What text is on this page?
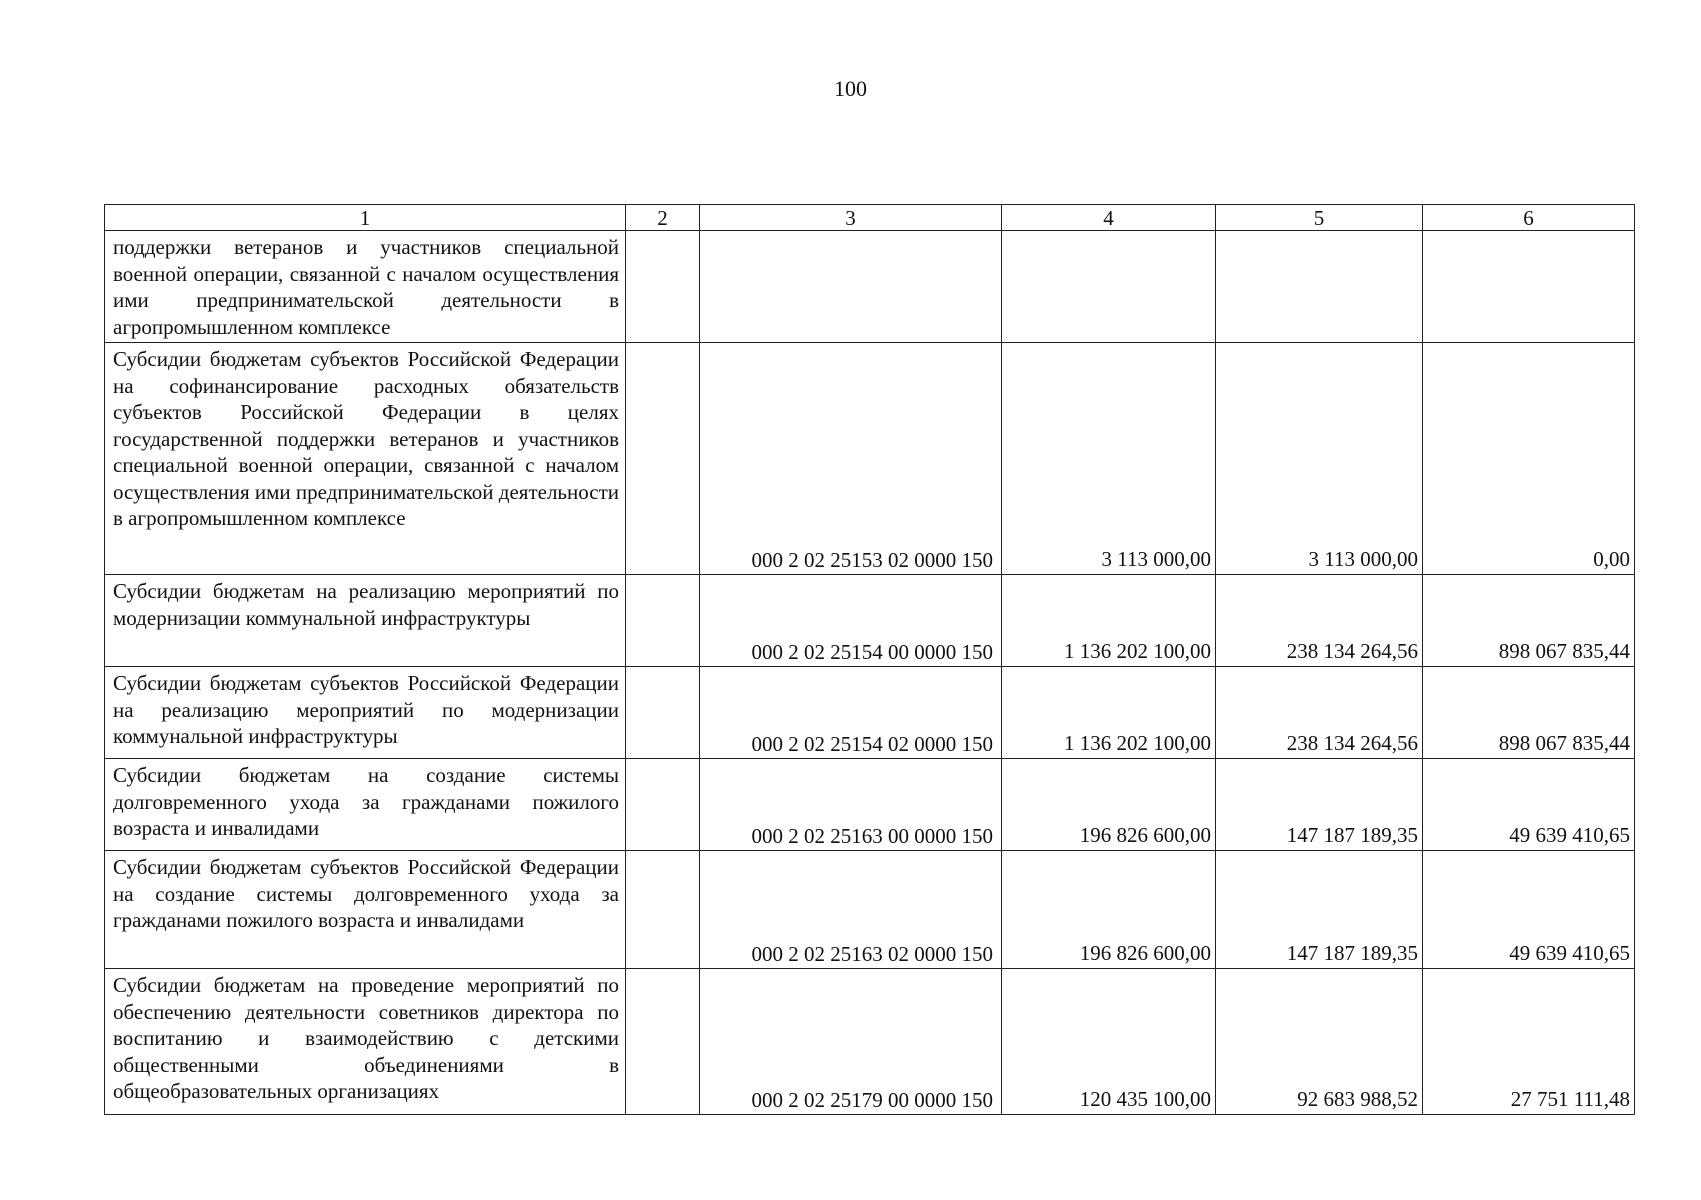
100
1	2	3	4	5	6
поддержки ветеранов и участников специальной военной операции, связанной с началом осуществления ими предпринимательской деятельности в агропромышленном комплексе					
Субсидии бюджетам субъектов Российской Федерации на софинансирование расходных обязательств субъектов Российской Федерации в целях государственной поддержки ветеранов и участников специальной военной операции, связанной с началом осуществления ими предпринимательской деятельности в агропромышленном комплексе		000 2 02 25153 02 0000 150	3 113 000,00	3 113 000,00	0,00
Субсидии бюджетам на реализацию мероприятий по модернизации коммунальной инфраструктуры		000 2 02 25154 00 0000 150	1 136 202 100,00	238 134 264,56	898 067 835,44
Субсидии бюджетам субъектов Российской Федерации на реализацию мероприятий по модернизации коммунальной инфраструктуры		000 2 02 25154 02 0000 150	1 136 202 100,00	238 134 264,56	898 067 835,44
Субсидии бюджетам на создание системы долговременного ухода за гражданами пожилого возраста и инвалидами		000 2 02 25163 00 0000 150	196 826 600,00	147 187 189,35	49 639 410,65
Субсидии бюджетам субъектов Российской Федерации на создание системы долговременного ухода за гражданами пожилого возраста и инвалидами		000 2 02 25163 02 0000 150	196 826 600,00	147 187 189,35	49 639 410,65
Субсидии бюджетам на проведение мероприятий по обеспечению деятельности советников директора по воспитанию и взаимодействию с детскими общественными объединениями в общеобразовательных организациях		000 2 02 25179 00 0000 150	120 435 100,00	92 683 988,52	27 751 111,48
